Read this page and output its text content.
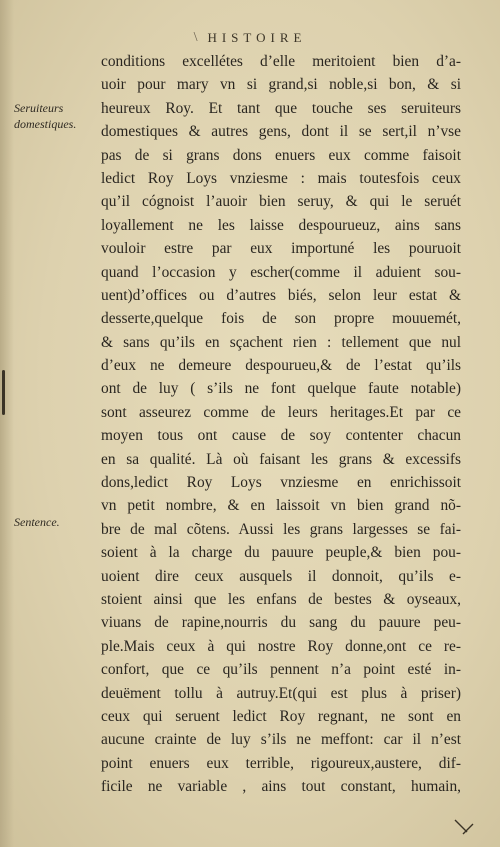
\ HISTOIRE
Seruiteurs
domestiques.
Sentence.

conditions excellétes d’elle meritoient bien d’a-

uoir pour mary vn si grand,si noble,si bon, & si

heureux Roy. Et tant que touche ses seruiteurs

domestiques & autres gens, dont il se sert,il n’vse

pas de si grans dons enuers eux comme faisoit

ledict Roy Loys vnziesme : mais toutesfois ceux

qu’il cógnoist l’auoir bien seruy, & qui le seruét

loyallement ne les laisse despourueuz, ains sans

vouloir estre par eux importuné les pouruoit

quand l’occasion y escher(comme il aduient sou-

uent)d’offices ou d’autres biés, selon leur estat &

desserte,quelque fois de son propre mouuemét,

& sans qu’ils en sçachent rien : tellement que nul

d’eux ne demeure despourueu,& de l’estat qu’ils

ont de luy ( s’ils ne font quelque faute notable)

sont asseurez comme de leurs heritages.Et par ce

moyen tous ont cause de soy contenter chacun

en sa qualité. Là où faisant les grans & excessifs

dons,ledict Roy Loys vnziesme en enrichissoit

vn petit nombre, & en laissoit vn bien grand nõ-

bre de mal cõtens. Aussi les grans largesses se fai-

soient à la charge du pauure peuple,& bien pou-

uoient dire ceux ausquels il donnoit, qu’ils e-

stoient ainsi que les enfans de bestes & oyseaux,

viuans de rapine,nourris du sang du pauure peu-

ple.Mais ceux à qui nostre Roy donne,ont ce re-

confort, que ce qu’ils pennent n’a point esté in-

deuëment tollu à autruy.Et(qui est plus à priser)

ceux qui seruent ledict Roy regnant, ne sont en

aucune crainte de luy s’ils ne meffont: car il n’est

point enuers eux terrible, rigoureux,austere, dif-

ficile ne variable , ains tout constant, humain,
